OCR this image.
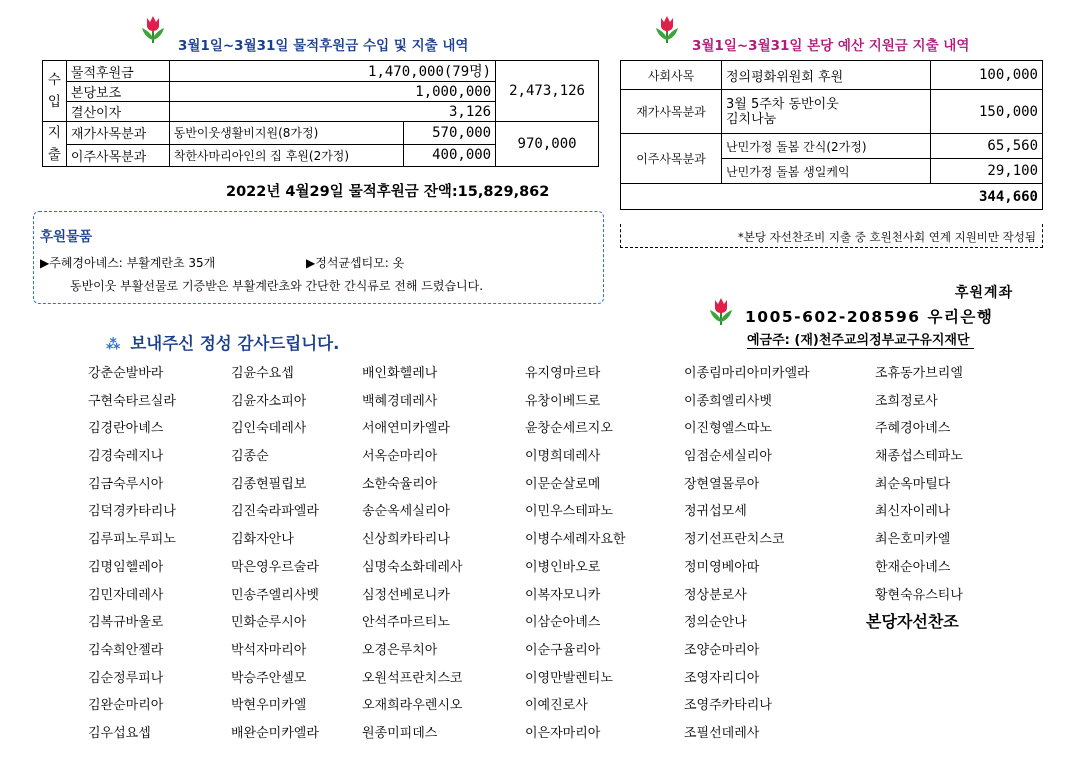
3월1일~3월31일 물적후원금 수입 및 지출 내역	3월1일~3월31일 본당 예산 지원금 지출 내역
수
입	물적후원금	1,470,000(79명)		2,473,126
	본당보조	1,000,000		
	결산이자	3,126		
지
출	재가사목분과	동반이웃생활비지원(8가정)	570,000	970,000
	이주사목분과	착한사마리아인의 집 후원(2가정)	400,000	
2022년 4월29일 물적후원금 잔액:15,829,862
후원물품
▶주혜경아녜스: 부활계란초 35개	▶정석균셉티모: 옷
동반이웃 부활선물로 기증받은 부활계란초와 간단한 간식류로 전해 드렸습니다.
사회사목	정의평화위원회 후원	100,000
재가사목분과	3월 5주차 동반이웃
김치나눔	150,000
이주사목분과	난민가정 돌봄 간식(2가정)	65,560
	난민가정 돌봄 생일케익	29,100
344,660		
*본당 자선찬조비 지출 중 호원천사회 연계 지원비만 작성됨
후원계좌
1005-602-208596 우리은행
예금주: (재)천주교의정부교구유지재단
⁂ 보내주신 정성 감사드립니다.
강춘순발바라
구현숙타르실라
김경란아녜스
김경숙레지나
김금숙루시아
김덕경카타리나
김루피노루피노
김명임헬레아
김민자데레사
김복규바울로
김숙희안젤라
김순정루피나
김완순마리아
김우섭요셉
김윤수요셉
김윤자소피아
김인숙데레사
김종순
김종현필립보
김진숙라파엘라
김화자안나
막은영우르술라
민송주엘리사벳
민화순루시아
박석자마리아
박승주안셀모
박현우미카엘
배완순미카엘라
배인화헬레나
백혜경데레사
서애연미카엘라
서옥순마리아
소한숙율리아
송순옥세실리아
신상희카타리나
심명숙소화데레사
심정선베로니카
안석주마르티노
오경은루치아
오원석프란치스코
오재희라우렌시오
원종미피데스
유지영마르타
유창이베드로
윤창순세르지오
이명희데레사
이문순살로메
이민우스테파노
이병수세례자요한
이병인바오로
이복자모니카
이삼순아녜스
이순구율리아
이영만발렌티노
이예진로사
이은자마리아
이종림마리아미카엘라
이종희엘리사벳
이진형엘스따노
임점순세실리아
장현열몰루아
정귀섭모세
정기선프란치스코
정미영베아따
정상분로사
정의순안나
조양순마리아
조영자리디아
조영주카타리나
조필선데레사
조휴동가브리엘
조희정로사
주혜경아녜스
채종섭스테파노
최순옥마틸다
최신자이레나
최은호미카엘
한재순아녜스
황현숙유스티나
본당자선찬조
